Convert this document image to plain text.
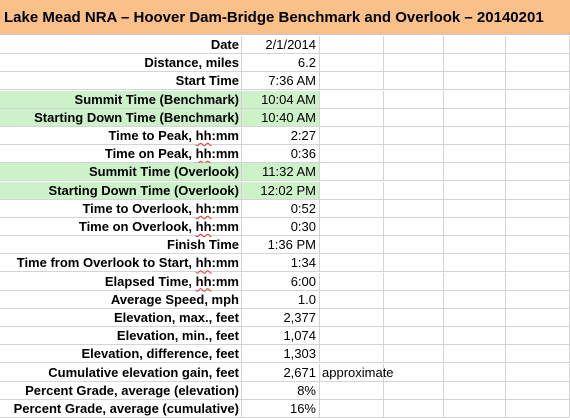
Lake Mead NRA – Hoover Dam-Bridge Benchmark and Overlook – 20140201
Date	2/1/2014
Distance, miles	6.2
Start Time	7:36 AM
Summit Time (Benchmark)	10:04 AM
Starting Down Time (Benchmark)	10:40 AM
Time to Peak, hh:mm	2:27
Time on Peak, hh:mm	0:36
Summit Time (Overlook)	11:32 AM
Starting Down Time (Overlook)	12:02 PM
Time to Overlook, hh:mm	0:52
Time on Overlook, hh:mm	0:30
Finish Time	1:36 PM
Time from Overlook to Start, hh:mm	1:34
Elapsed Time, hh:mm	6:00
Average Speed, mph	1.0
Elevation, max., feet	2,377
Elevation, min., feet	1,074
Elevation, difference, feet	1,303
Cumulative elevation gain, feet	2,671 approximate
Percent Grade, average (elevation)	8%
Percent Grade, average (cumulative)	16%
